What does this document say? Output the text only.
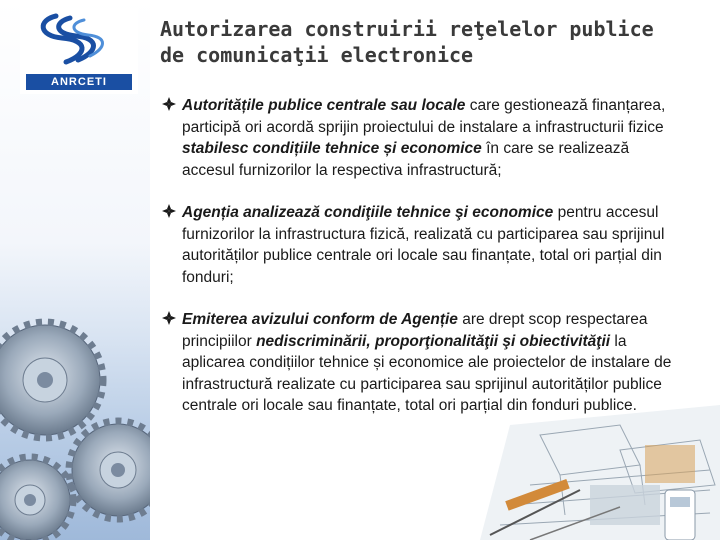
ANRCETI
Autorizarea construirii reţelelor publice
de comunicaţii electronice
Autoritățile publice centrale sau locale care gestionează finanțarea, participă ori acordă sprijin proiectului de instalare a infrastructurii fizice stabilesc condițiile tehnice și economice în care se realizează accesul furnizorilor la respectiva infrastructură;
Agenția analizează condiţiile tehnice şi economice pentru accesul furnizorilor la infrastructura fizică, realizată cu participarea sau sprijinul autorităților publice centrale ori locale sau finanțate, total ori parțial din fonduri;
Emiterea avizului conform de Agenție are drept scop respectarea principiilor nediscriminării, proporţionalităţii şi obiectivităţii la aplicarea condițiilor tehnice și economice ale proiectelor de instalare de infrastructură realizate cu participarea sau sprijinul autorităților publice centrale ori locale sau finanțate, total ori parțial din fonduri publice.
